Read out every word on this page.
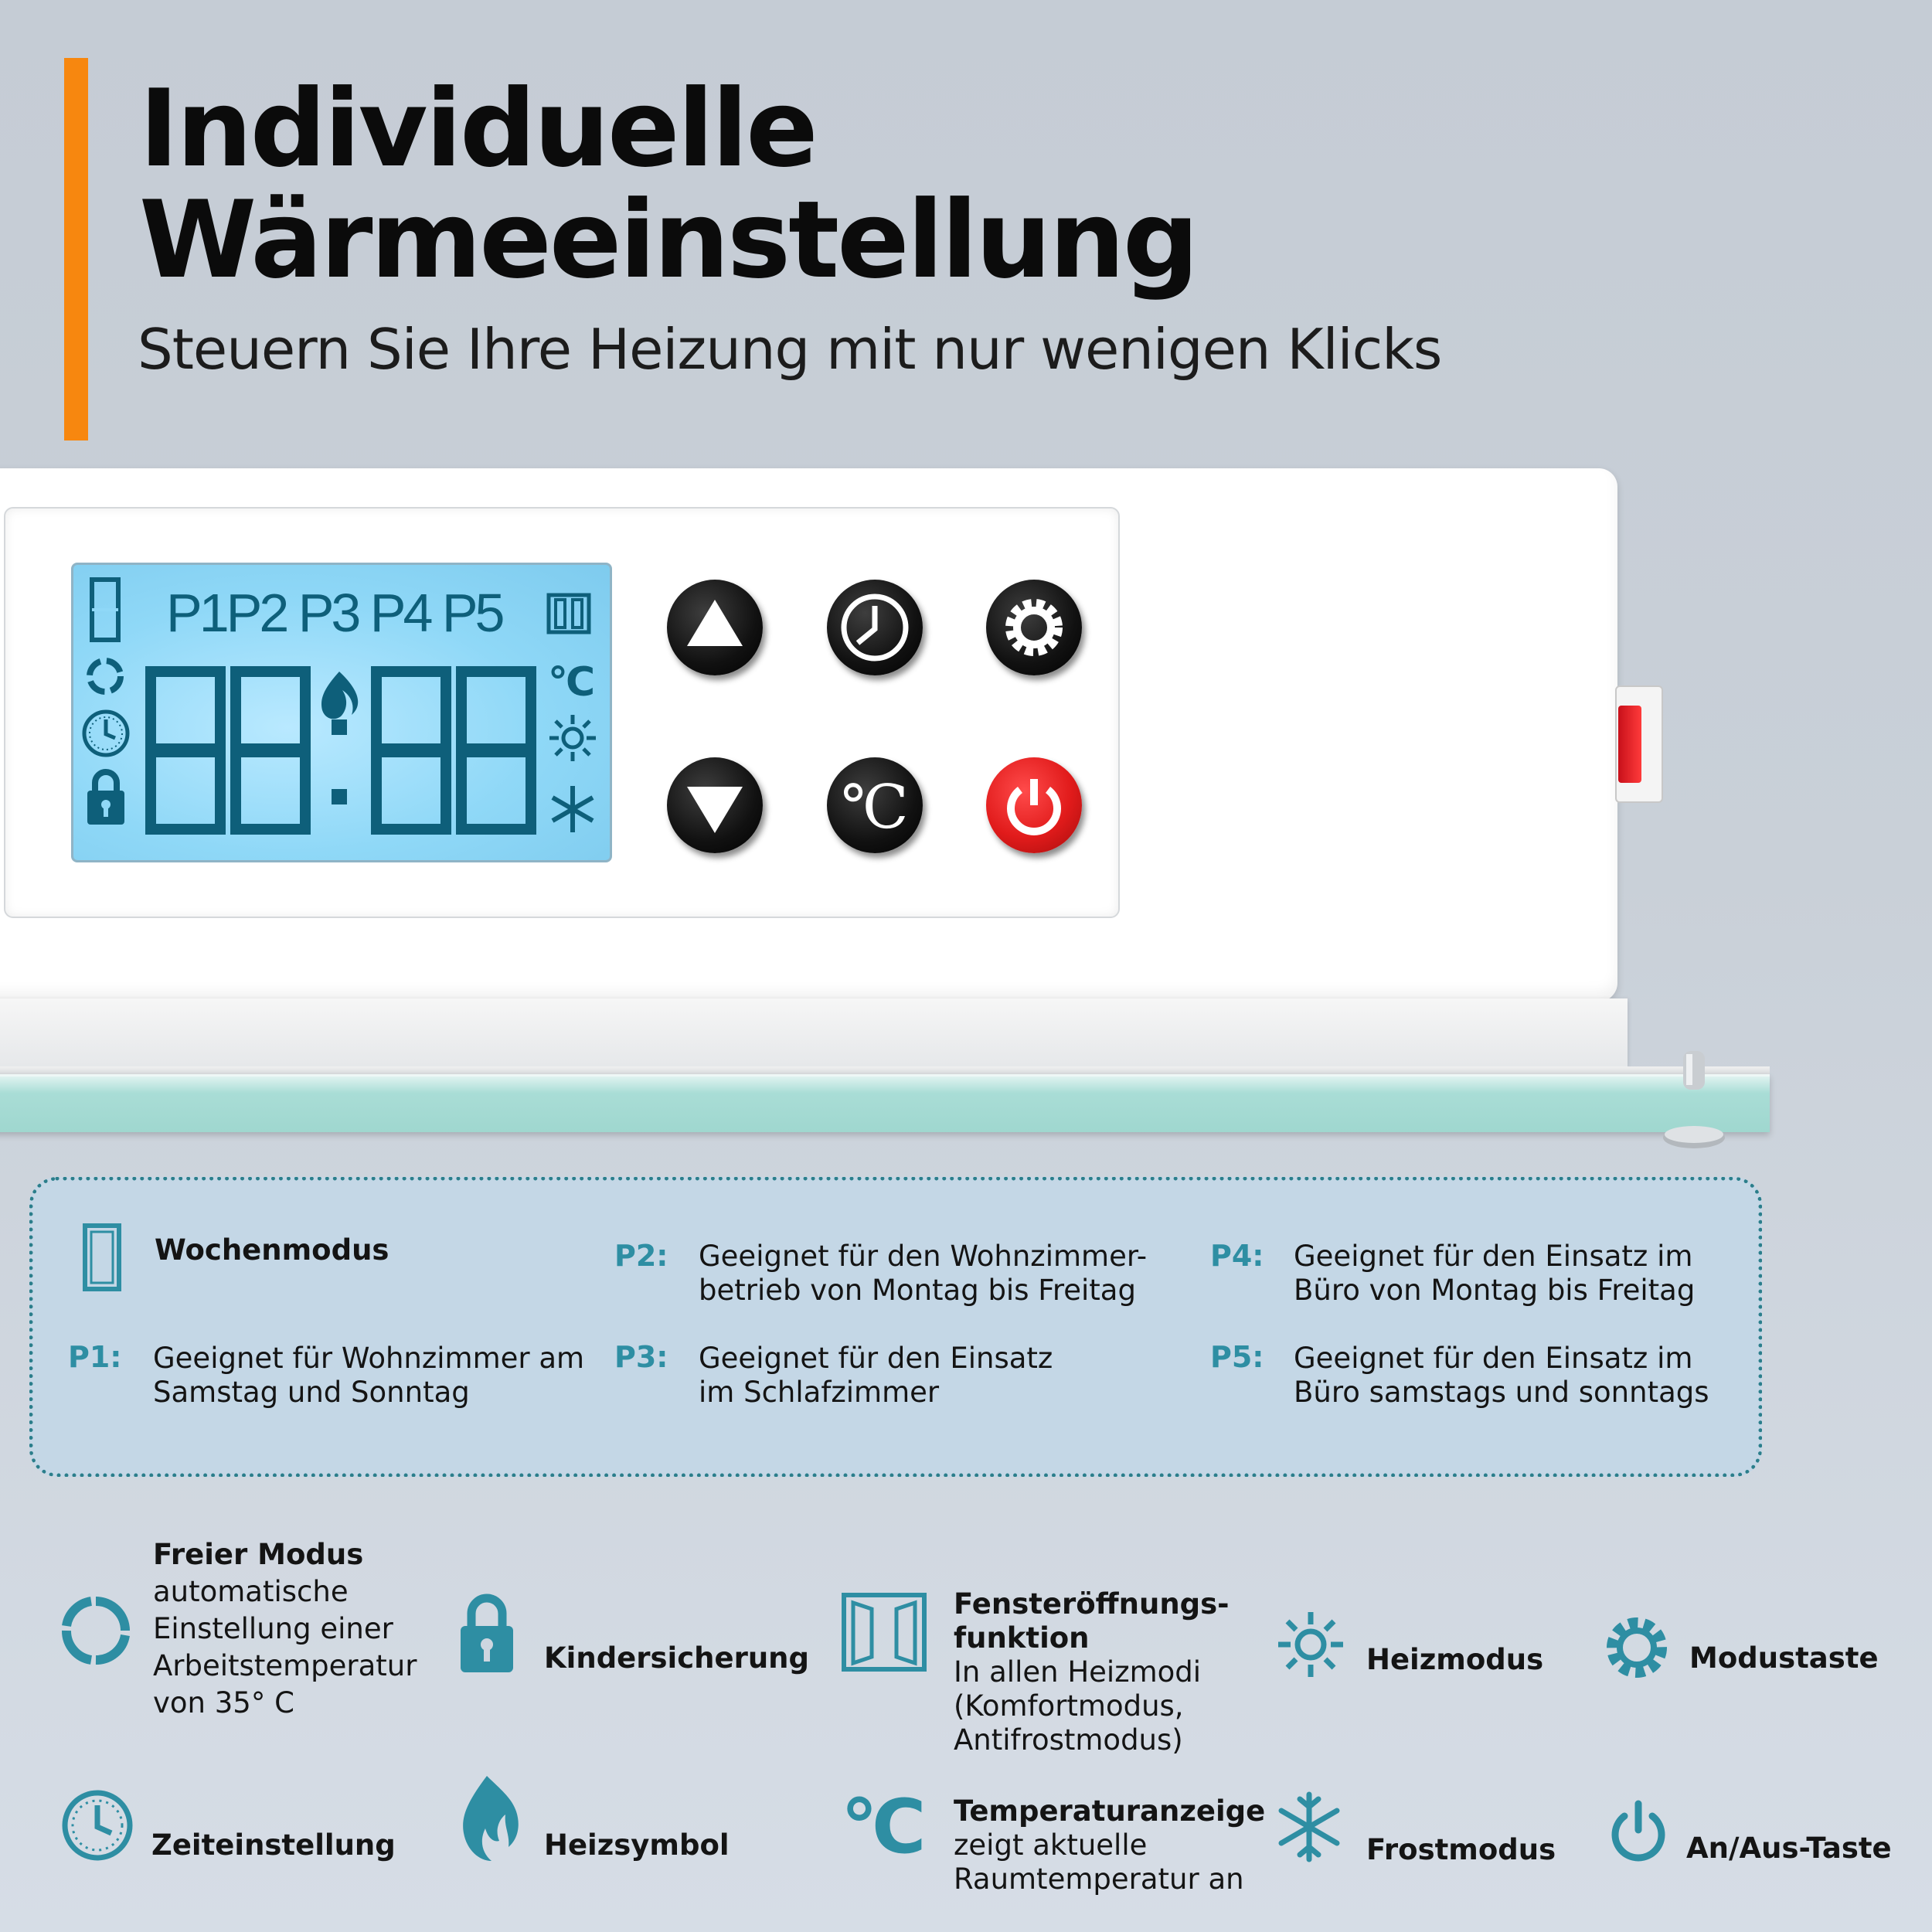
Individuelle
Wärmeeinstellung
Steuern Sie Ihre Heizung mit nur wenigen Klicks
P1P2 P3 P4 P5
°C
℃
Wochenmodus
P1: Geeignet für Wohnzimmer am
Samstag und Sonntag
P2: Geeignet für den Wohnzimmer-
betrieb von Montag bis Freitag
P3: Geeignet für den Einsatz
im Schlafzimmer
P4: Geeignet für den Einsatz im
Büro von Montag bis Freitag
P5: Geeignet für den Einsatz im
Büro samstags und sonntags
Freier Modus
automatische
Einstellung einer
Arbeitstemperatur
von 35° C
Kindersicherung
Fensteröffnungs-
funktion
In allen Heizmodi
(Komfortmodus,
Antifrostmodus)
Heizmodus	Modustaste
Zeiteinstellung	Heizsymbol °C Temperaturanzeige
zeigt aktuelle
Raumtemperatur an
Frostmodus	An/Aus-Taste
